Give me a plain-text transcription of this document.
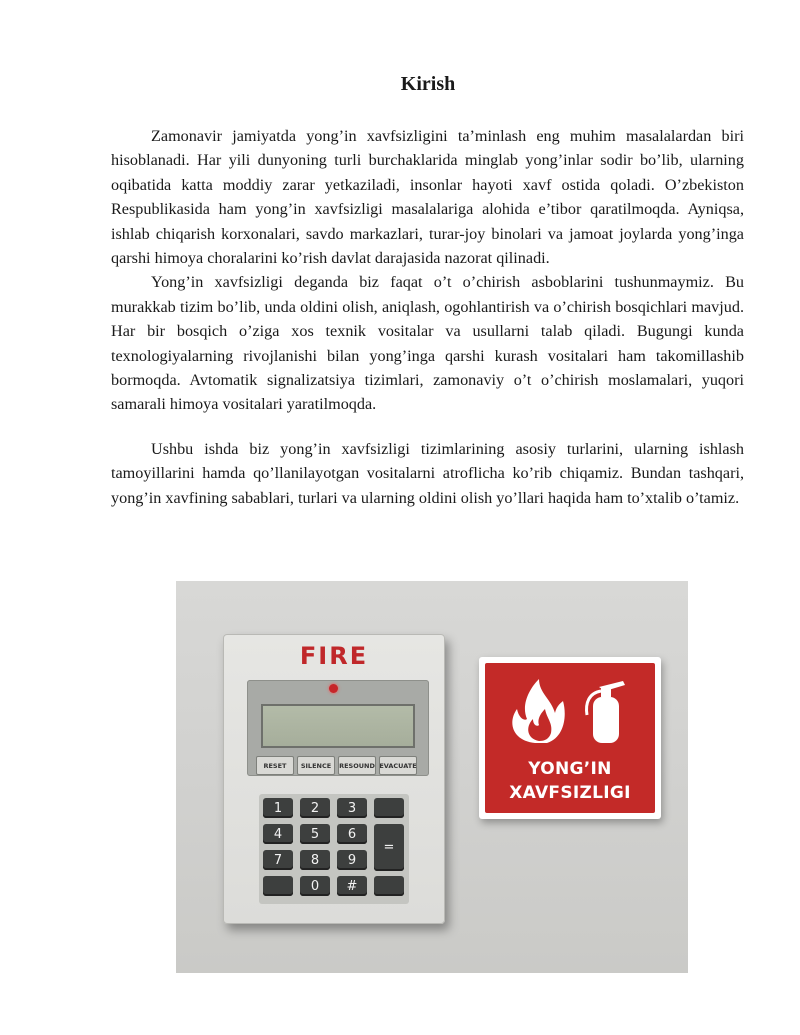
Kirish

Zamonavir jamiyatda yong’in xavfsizligini ta’minlash eng muhim masalalardan biri hisoblanadi. Har yili dunyoning turli burchaklarida minglab yong’inlar sodir bo’lib, ularning oqibatida katta moddiy zarar yetkaziladi, insonlar hayoti xavf ostida qoladi. O’zbekiston Respublikasida ham yong’in xavfsizligi masalalariga alohida e’tibor qaratilmoqda. Ayniqsa, ishlab chiqarish korxonalari, savdo markazlari, turar-joy binolari va jamoat joylarda yong’inga qarshi himoya choralarini ko’rish davlat darajasida nazorat qilinadi.

Yong’in xavfsizligi deganda biz faqat o’t o’chirish asboblarini tushunmaymiz. Bu murakkab tizim bo’lib, unda oldini olish, aniqlash, ogohlantirish va o’chirish bosqichlari mavjud. Har bir bosqich o’ziga xos texnik vositalar va usullarni talab qiladi. Bugungi kunda texnologiyalarning rivojlanishi bilan yong’inga qarshi kurash vositalari ham takomillashib bormoqda. Avtomatik signalizatsiya tizimlari, zamonaviy o’t o’chirish moslamalari, yuqori samarali himoya vositalari yaratilmoqda.

Ushbu ishda biz yong’in xavfsizligi tizimlarining asosiy turlarini, ularning ishlash tamoyillarini hamda qo’llanilayotgan vositalarni atroflicha ko’rib chiqamiz. Bundan tashqari, yong’in xavfining sabablari, turlari va ularning oldini olish yo’llari haqida ham to’xtalib o’tamiz.

FIRE
RESET	SILENCE	RESOUND EVACUATE
1	2	3
4	5	6
=
7	8	9
0	#
YONG’IN
XAVFSIZLIGI
